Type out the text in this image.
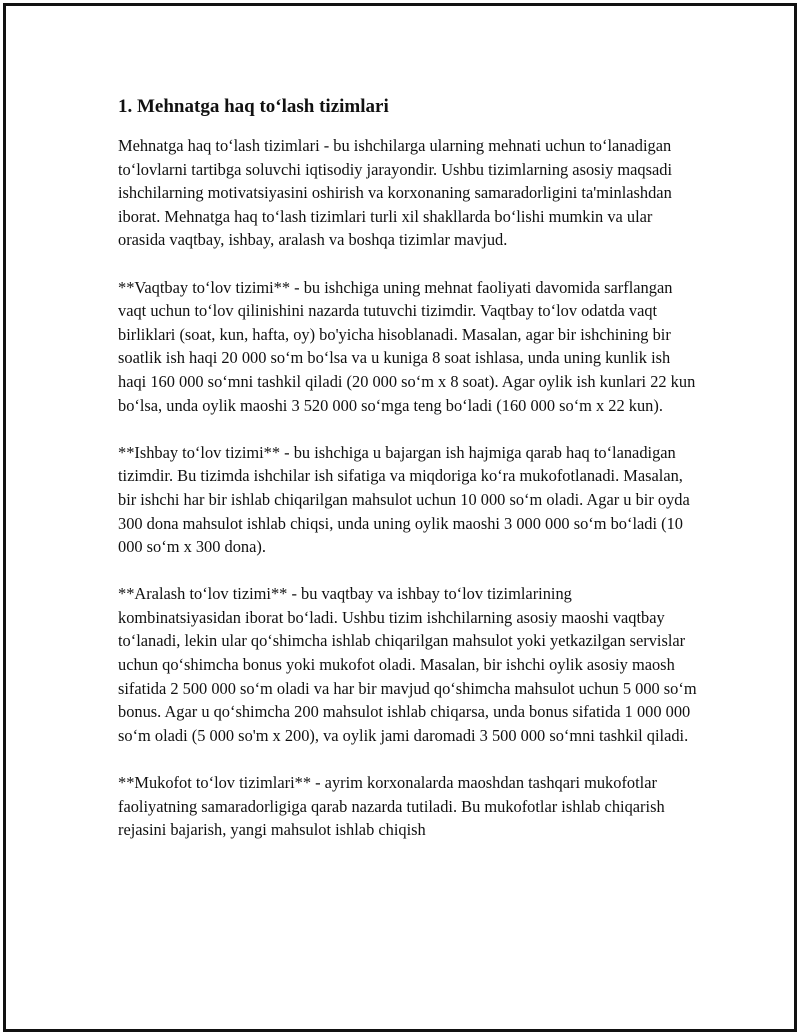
1. Mehnatga haq to‘lash tizimlari

Mehnatga haq to‘lash tizimlari - bu ishchilarga ularning mehnati uchun to‘lanadigan to‘lovlarni tartibga soluvchi iqtisodiy jarayondir. Ushbu tizimlarning asosiy maqsadi ishchilarning motivatsiyasini oshirish va korxonaning samaradorligini ta'minlashdan iborat. Mehnatga haq to‘lash tizimlari turli xil shakllarda bo‘lishi mumkin va ular orasida vaqtbay, ishbay, aralash va boshqa tizimlar mavjud.

**Vaqtbay to‘lov tizimi** - bu ishchiga uning mehnat faoliyati davomida sarflangan vaqt uchun to‘lov qilinishini nazarda tutuvchi tizimdir. Vaqtbay to‘lov odatda vaqt birliklari (soat, kun, hafta, oy) bo'yicha hisoblanadi. Masalan, agar bir ishchining bir soatlik ish haqi 20 000 so‘m bo‘lsa va u kuniga 8 soat ishlasa, unda uning kunlik ish haqi 160 000 so‘mni tashkil qiladi (20 000 so‘m x 8 soat). Agar oylik ish kunlari 22 kun bo‘lsa, unda oylik maoshi 3 520 000 so‘mga teng bo‘ladi (160 000 so‘m x 22 kun).

**Ishbay to‘lov tizimi** - bu ishchiga u bajargan ish hajmiga qarab haq to‘lanadigan tizimdir. Bu tizimda ishchilar ish sifatiga va miqdoriga ko‘ra mukofotlanadi. Masalan, bir ishchi har bir ishlab chiqarilgan mahsulot uchun 10 000 so‘m oladi. Agar u bir oyda 300 dona mahsulot ishlab chiqsi, unda uning oylik maoshi 3 000 000 so‘m bo‘ladi (10 000 so‘m x 300 dona).

**Aralash to‘lov tizimi** - bu vaqtbay va ishbay to‘lov tizimlarining kombinatsiyasidan iborat bo‘ladi. Ushbu tizim ishchilarning asosiy maoshi vaqtbay to‘lanadi, lekin ular qo‘shimcha ishlab chiqarilgan mahsulot yoki yetkazilgan servislar uchun qo‘shimcha bonus yoki mukofot oladi. Masalan, bir ishchi oylik asosiy maosh sifatida 2 500 000 so‘m oladi va har bir mavjud qo‘shimcha mahsulot uchun 5 000 so‘m bonus. Agar u qo‘shimcha 200 mahsulot ishlab chiqarsa, unda bonus sifatida 1 000 000 so‘m oladi (5 000 so'm x 200), va oylik jami daromadi 3 500 000 so‘mni tashkil qiladi.

**Mukofot to‘lov tizimlari** - ayrim korxonalarda maoshdan tashqari mukofotlar faoliyatning samaradorligiga qarab nazarda tutiladi. Bu mukofotlar ishlab chiqarish rejasini bajarish, yangi mahsulot ishlab chiqish
